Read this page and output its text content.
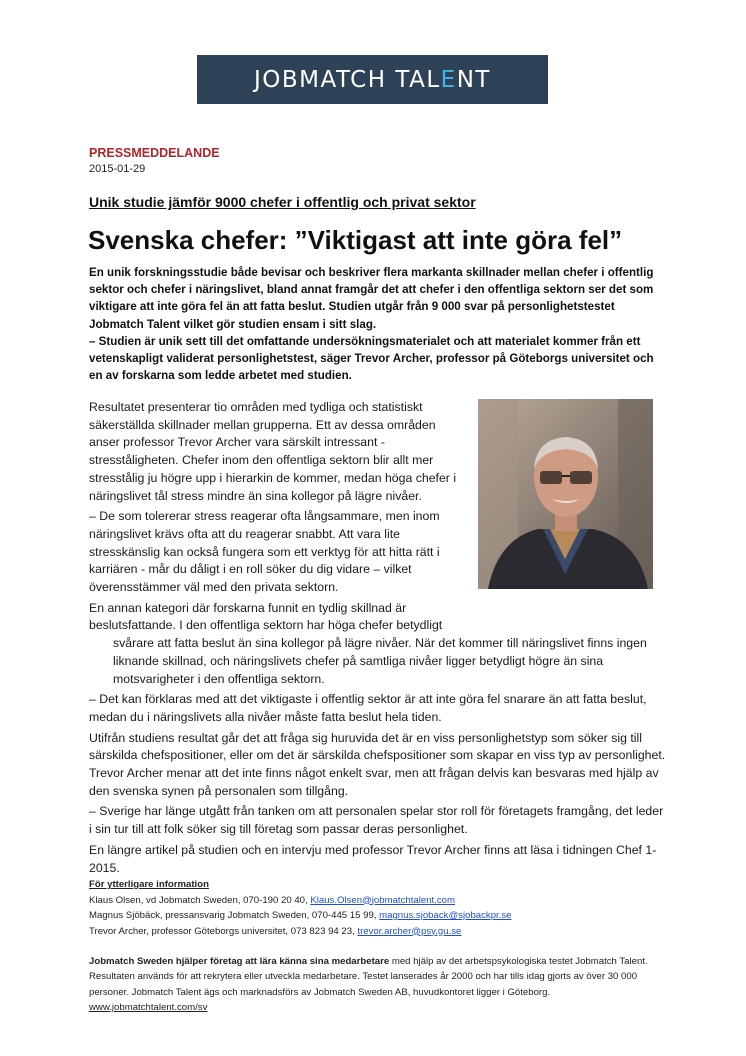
JOBMATCH TALENT
PRESSMEDDELANDE
2015-01-29
Unik studie jämför 9000 chefer i offentlig och privat sektor
Svenska chefer: ”Viktigast att inte göra fel”

En unik forskningsstudie både bevisar och beskriver flera markanta skillnader mellan chefer i offentlig sektor och chefer i näringslivet, bland annat framgår det att chefer i den offentliga sektorn ser det som viktigare att inte göra fel än att fatta beslut. Studien utgår från 9 000 svar på personlighetstestet Jobmatch Talent vilket gör studien ensam i sitt slag.

– Studien är unik sett till det omfattande undersökningsmaterialet och att materialet kommer från ett vetenskapligt validerat personlighetstest, säger Trevor Archer, professor på Göteborgs universitet och en av forskarna som ledde arbetet med studien.

Resultatet presenterar tio områden med tydliga och statistiskt säkerställda skillnader mellan grupperna. Ett av dessa områden anser professor Trevor Archer vara särskilt intressant - stresståligheten. Chefer inom den offentliga sektorn blir allt mer stresstålig ju högre upp i hierarkin de kommer, medan höga chefer i näringslivet tål stress mindre än sina kollegor på lägre nivåer.

– De som tolererar stress reagerar ofta långsammare, men inom näringslivet krävs ofta att du reagerar snabbt. Att vara lite stresskänslig kan också fungera som ett verktyg för att hitta rätt i karriären - mår du dåligt i en roll söker du dig vidare – vilket överensstämmer väl med den privata sektorn.

En annan kategori där forskarna funnit en tydlig skillnad är beslutsfattande. I den offentliga sektorn har höga chefer betydligt
svårare att fatta beslut än sina kollegor på lägre nivåer. När det kommer till näringslivet finns ingen liknande skillnad, och näringslivets chefer på samtliga nivåer ligger betydligt högre än sina motsvarigheter i den offentliga sektorn.

– Det kan förklaras med att det viktigaste i offentlig sektor är att inte göra fel snarare än att fatta beslut, medan du i näringslivets alla nivåer måste fatta beslut hela tiden.

Utifrån studiens resultat går det att fråga sig huruvida det är en viss personlighetstyp som söker sig till särskilda chefspositioner, eller om det är särskilda chefspositioner som skapar en viss typ av personlighet. Trevor Archer menar att det inte finns något enkelt svar, men att frågan delvis kan besvaras med hjälp av den svenska synen på personalen som tillgång.

– Sverige har länge utgått från tanken om att personalen spelar stor roll för företagets framgång, det leder i sin tur till att folk söker sig till företag som passar deras personlighet.

En längre artikel på studien och en intervju med professor Trevor Archer finns att läsa i tidningen Chef 1-2015.

För ytterligare information
Klaus Olsen, vd Jobmatch Sweden, 070-190 20 40, Klaus.Olsen@jobmatchtalent.com
Magnus Sjöbäck, pressansvarig Jobmatch Sweden, 070-445 15 99, magnus.sjoback@sjobackpr.se
Trevor Archer, professor Göteborgs universitet, 073 823 94 23, trevor.archer@psy.gu.se
Jobmatch Sweden hjälper företag att lära känna sina medarbetare med hjälp av det arbetspsykologiska testet Jobmatch Talent. Resultaten används för att rekrytera eller utveckla medarbetare. Testet lanserades år 2000 och har tills idag gjorts av över 30 000 personer. Jobmatch Talent ägs och marknadsförs av Jobmatch Sweden AB, huvudkontoret ligger i Göteborg. www.jobmatchtalent.com/sv
